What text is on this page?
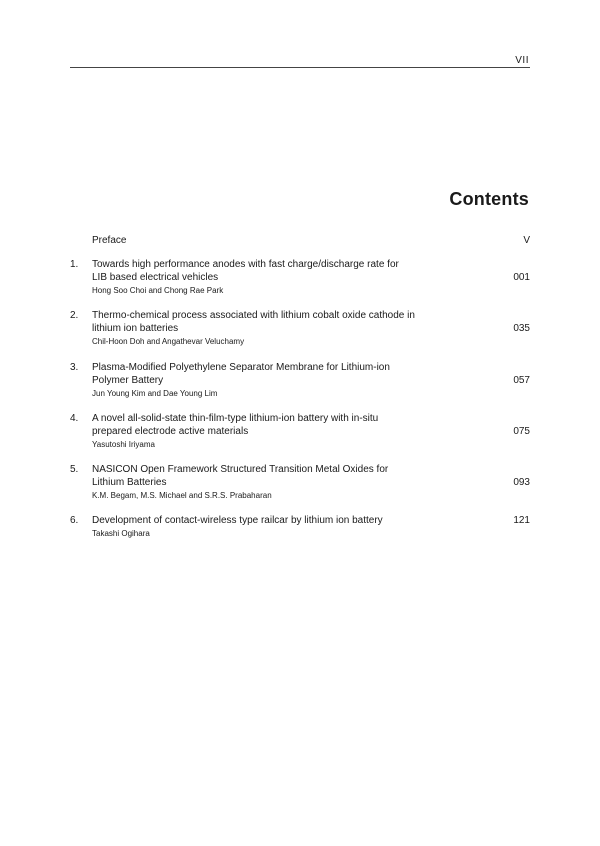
VII
Contents
Preface	V
1. Towards high performance anodes with fast charge/discharge rate for
LIB based electrical vehicles
Hong Soo Choi and Chong Rae Park
001
2. Thermo-chemical process associated with lithium cobalt oxide cathode in
lithium ion batteries
Chil-Hoon Doh and Angathevar Veluchamy
035
3. Plasma-Modified Polyethylene Separator Membrane for Lithium-ion
Polymer Battery
Jun Young Kim and Dae Young Lim
057
4. A novel all-solid-state thin-film-type lithium-ion battery with in-situ
prepared electrode active materials
Yasutoshi Iriyama
075
5. NASICON Open Framework Structured Transition Metal Oxides for
Lithium Batteries
K.M. Begam, M.S. Michael and S.R.S. Prabaharan
093
6. Development of contact-wireless type railcar by lithium ion battery
Takashi Ogihara
121
